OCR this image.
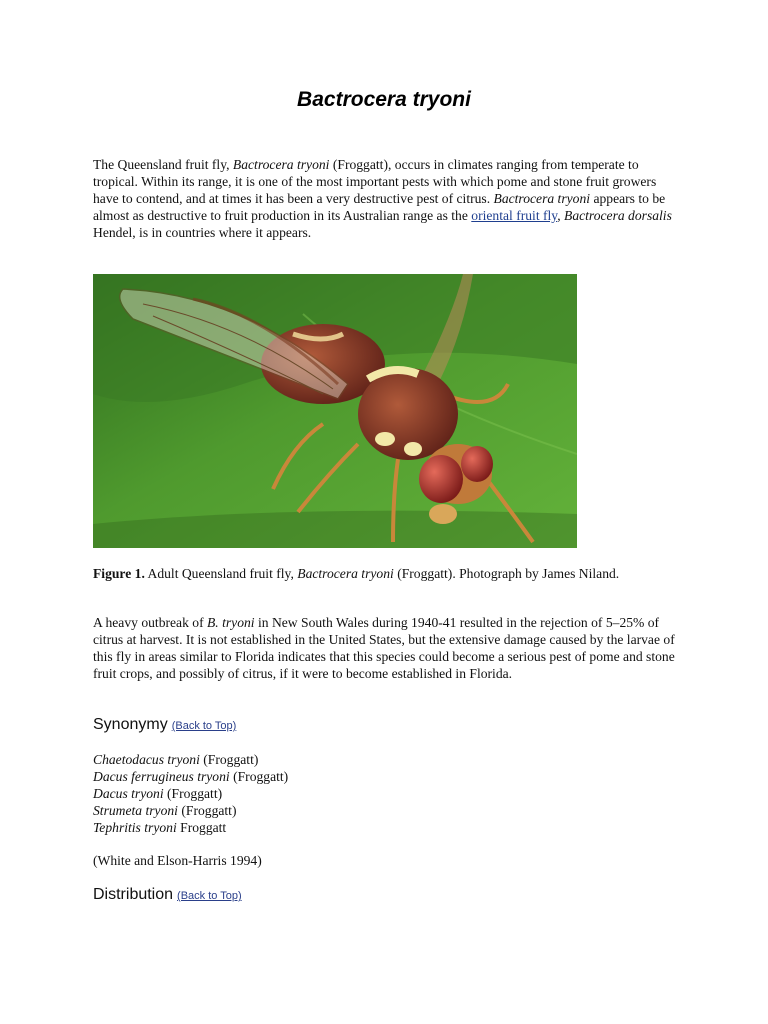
Bactrocera tryoni

The Queensland fruit fly, Bactrocera tryoni (Froggatt), occurs in climates ranging from temperate to tropical. Within its range, it is one of the most important pests with which pome and stone fruit growers have to contend, and at times it has been a very destructive pest of citrus. Bactrocera tryoni appears to be almost as destructive to fruit production in its Australian range as the oriental fruit fly, Bactrocera dorsalis Hendel, is in countries where it appears.

Figure 1. Adult Queensland fruit fly, Bactrocera tryoni (Froggatt). Photograph by James Niland.

A heavy outbreak of B. tryoni in New South Wales during 1940-41 resulted in the rejection of 5–25% of citrus at harvest. It is not established in the United States, but the extensive damage caused by the larvae of this fly in areas similar to Florida indicates that this species could become a serious pest of pome and stone fruit crops, and possibly of citrus, if it were to become established in Florida.

Synonymy (Back to Top)
Chaetodacus tryoni (Froggatt)
Dacus ferrugineus tryoni (Froggatt)
Dacus tryoni (Froggatt)
Strumeta tryoni (Froggatt)
Tephritis tryoni Froggatt

(White and Elson-Harris 1994)

Distribution (Back to Top)
